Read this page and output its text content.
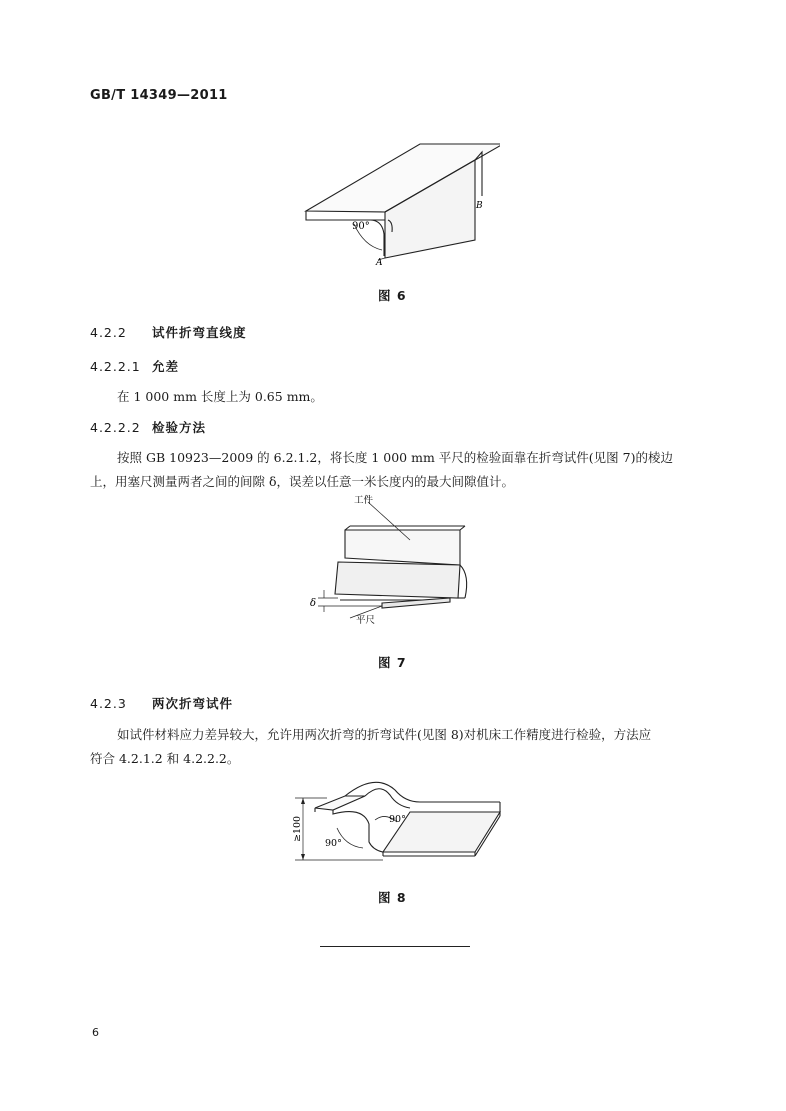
GB/T 14349—2011
90°
A
B
图 6
4.2.2 试件折弯直线度
4.2.2.1 允差
在 1 000 mm 长度上为 0.65 mm。
4.2.2.2 检验方法
按照 GB 10923—2009 的 6.2.1.2，将长度 1 000 mm 平尺的检验面靠在折弯试件(见图 7)的棱边
上，用塞尺测量两者之间的间隙 δ，误差以任意一米长度内的最大间隙值计。
工件
δ
平尺
图 7
4.2.3 两次折弯试件
如试件材料应力差异较大，允许用两次折弯的折弯试件(见图 8)对机床工作精度进行检验，方法应
符合 4.2.1.2 和 4.2.2.2。
90°
90°
≥100
图 8
6
